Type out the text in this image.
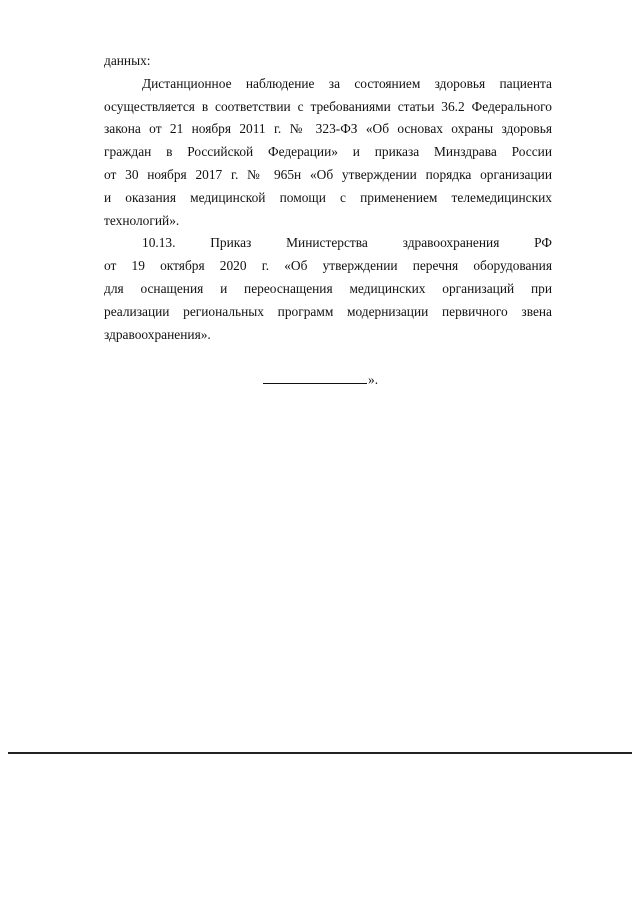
данных:
Дистанционное наблюдение за состоянием здоровья пациента
осуществляется в соответствии с требованиями статьи 36.2 Федерального
закона от 21 ноября 2011 г. № 323-ФЗ «Об основах охраны здоровья
граждан в Российской Федерации» и приказа Минздрава России
от 30 ноября 2017 г. № 965н «Об утверждении порядка организации
и оказания медицинской помощи с применением телемедицинских
технологий».
10.13.	Приказ	Министерства	здравоохранения	РФ
от 19 октября 2020 г. «Об утверждении перечня оборудования
для оснащения и переоснащения медицинских организаций при
реализации региональных программ модернизации первичного звена
здравоохранения».
».
